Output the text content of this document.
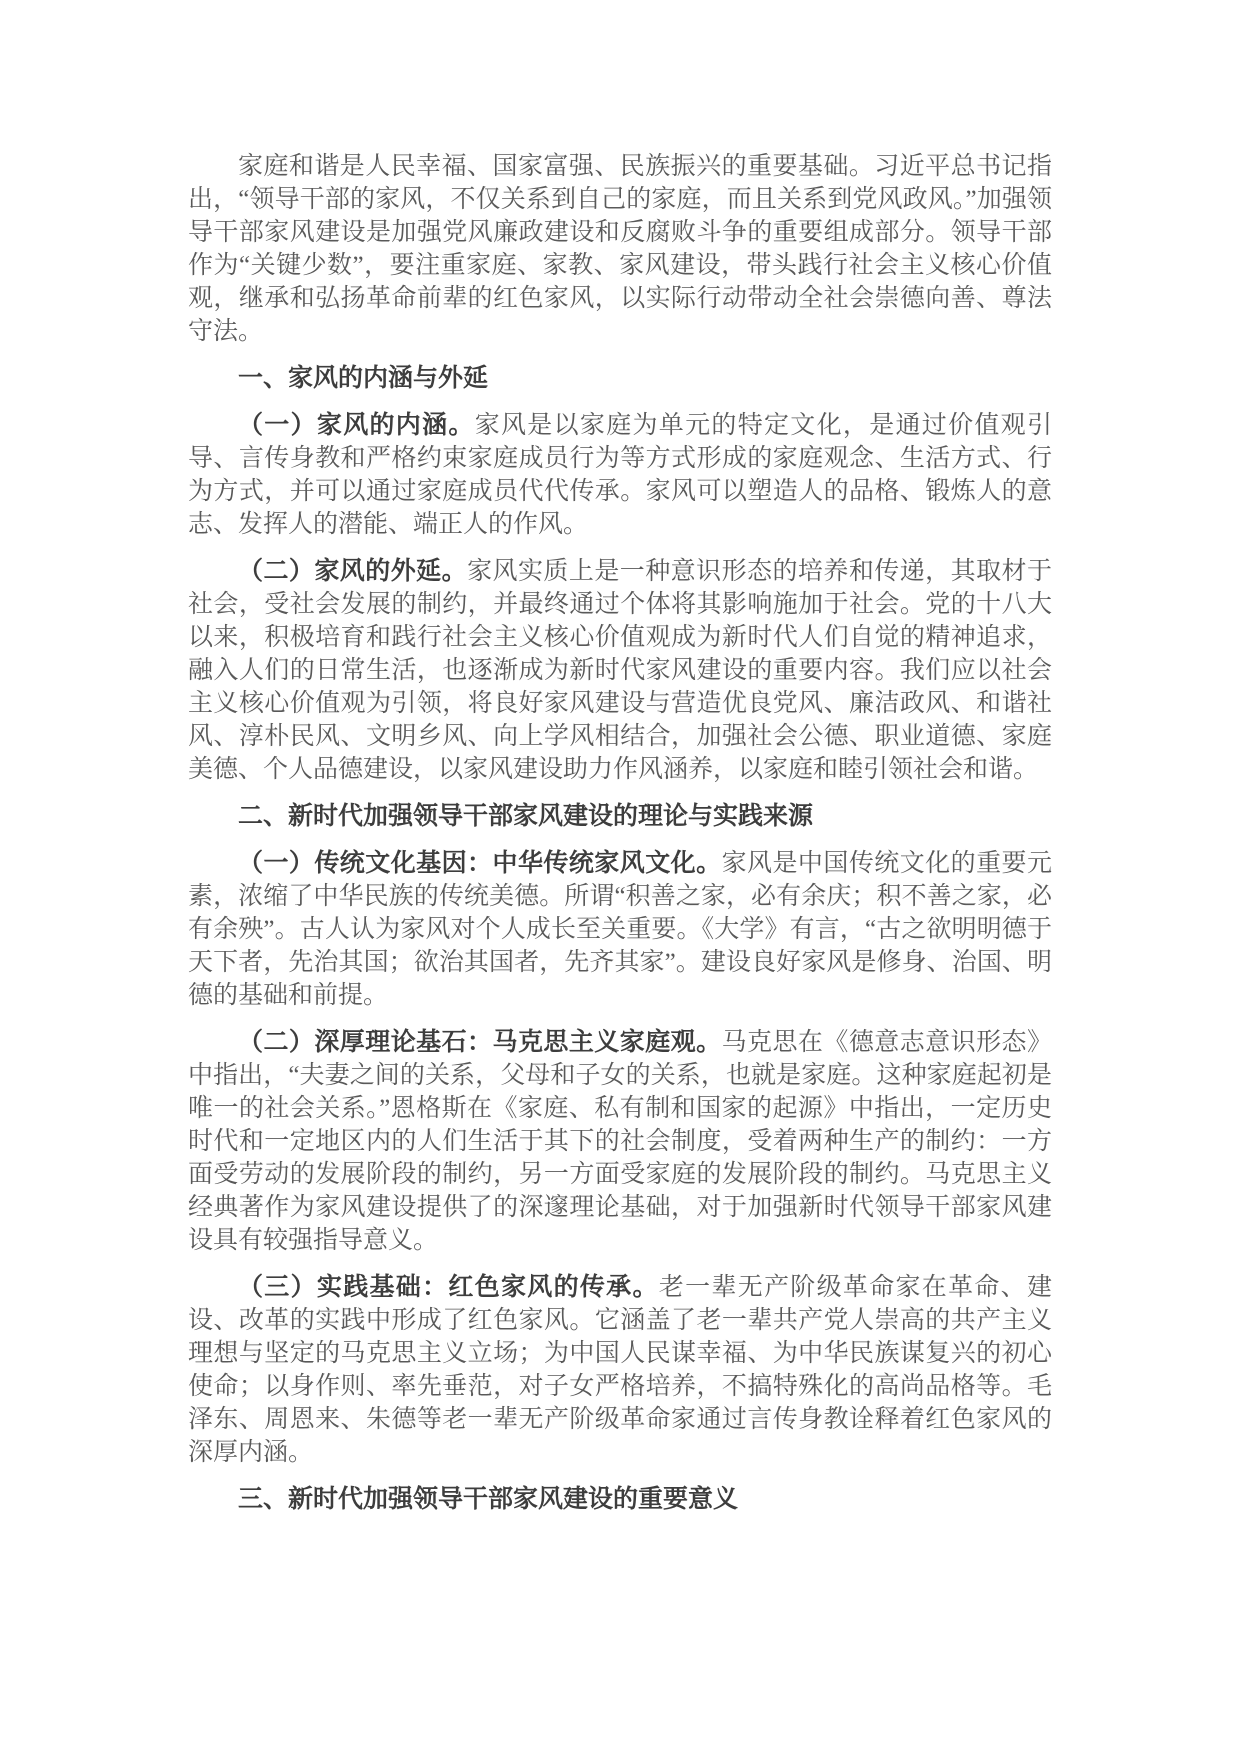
家庭和谐是人民幸福、国家富强、民族振兴的重要基础。习近平总书记指出，“领导干部的家风，不仅关系到自己的家庭，而且关系到党风政风。”加强领导干部家风建设是加强党风廉政建设和反腐败斗争的重要组成部分。领导干部作为“关键少数”，要注重家庭、家教、家风建设，带头践行社会主义核心价值观，继承和弘扬革命前辈的红色家风，以实际行动带动全社会崇德向善、尊法守法。

一、家风的内涵与外延

（一）家风的内涵。家风是以家庭为单元的特定文化，是通过价值观引导、言传身教和严格约束家庭成员行为等方式形成的家庭观念、生活方式、行为方式，并可以通过家庭成员代代传承。家风可以塑造人的品格、锻炼人的意志、发挥人的潜能、端正人的作风。

（二）家风的外延。家风实质上是一种意识形态的培养和传递，其取材于社会，受社会发展的制约，并最终通过个体将其影响施加于社会。党的十八大以来，积极培育和践行社会主义核心价值观成为新时代人们自觉的精神追求，融入人们的日常生活，也逐渐成为新时代家风建设的重要内容。我们应以社会主义核心价值观为引领，将良好家风建设与营造优良党风、廉洁政风、和谐社风、淳朴民风、文明乡风、向上学风相结合，加强社会公德、职业道德、家庭美德、个人品德建设，以家风建设助力作风涵养，以家庭和睦引领社会和谐。

二、新时代加强领导干部家风建设的理论与实践来源

（一）传统文化基因：中华传统家风文化。家风是中国传统文化的重要元素，浓缩了中华民族的传统美德。所谓“积善之家，必有余庆；积不善之家，必有余殃”。古人认为家风对个人成长至关重要。《大学》有言，“古之欲明明德于天下者，先治其国；欲治其国者，先齐其家”。建设良好家风是修身、治国、明德的基础和前提。

（二）深厚理论基石：马克思主义家庭观。马克思在《德意志意识形态》中指出，“夫妻之间的关系，父母和子女的关系，也就是家庭。这种家庭起初是唯一的社会关系。”恩格斯在《家庭、私有制和国家的起源》中指出，一定历史时代和一定地区内的人们生活于其下的社会制度，受着两种生产的制约：一方面受劳动的发展阶段的制约，另一方面受家庭的发展阶段的制约。马克思主义经典著作为家风建设提供了的深邃理论基础，对于加强新时代领导干部家风建设具有较强指导意义。

（三）实践基础：红色家风的传承。老一辈无产阶级革命家在革命、建设、改革的实践中形成了红色家风。它涵盖了老一辈共产党人崇高的共产主义理想与坚定的马克思主义立场；为中国人民谋幸福、为中华民族谋复兴的初心使命；以身作则、率先垂范，对子女严格培养，不搞特殊化的高尚品格等。毛泽东、周恩来、朱德等老一辈无产阶级革命家通过言传身教诠释着红色家风的深厚内涵。

三、新时代加强领导干部家风建设的重要意义
